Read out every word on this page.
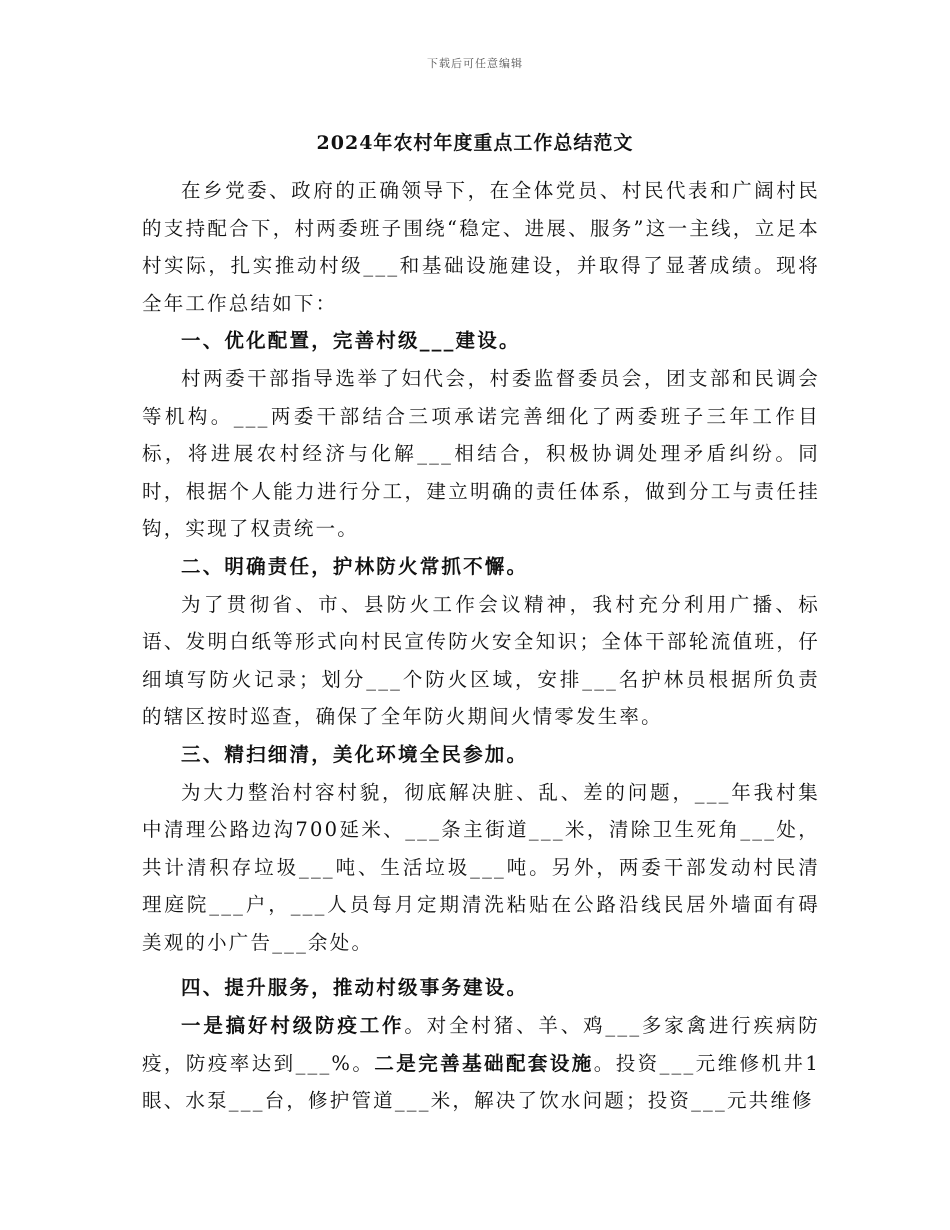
下载后可任意编辑
2024年农村年度重点工作总结范文

在乡党委、政府的正确领导下，在全体党员、村民代表和广阔村民的支持配合下，村两委班子围绕“稳定、进展、服务”这一主线，立足本村实际，扎实推动村级___和基础设施建设，并取得了显著成绩。现将全年工作总结如下：

一、优化配置，完善村级___建设。

村两委干部指导选举了妇代会，村委监督委员会，团支部和民调会等机构。___两委干部结合三项承诺完善细化了两委班子三年工作目标，将进展农村经济与化解___相结合，积极协调处理矛盾纠纷。同时，根据个人能力进行分工，建立明确的责任体系，做到分工与责任挂钩，实现了权责统一。

二、明确责任，护林防火常抓不懈。

为了贯彻省、市、县防火工作会议精神，我村充分利用广播、标语、发明白纸等形式向村民宣传防火安全知识；全体干部轮流值班，仔细填写防火记录；划分___个防火区域，安排___名护林员根据所负责的辖区按时巡查，确保了全年防火期间火情零发生率。

三、精扫细清，美化环境全民参加。

为大力整治村容村貌，彻底解决脏、乱、差的问题，___年我村集中清理公路边沟700延米、___条主街道___米，清除卫生死角___处，共计清积存垃圾___吨、生活垃圾___吨。另外，两委干部发动村民清理庭院___户，___人员每月定期清洗粘贴在公路沿线民居外墙面有碍美观的小广告___余处。

四、提升服务，推动村级事务建设。

一是搞好村级防疫工作。对全村猪、羊、鸡___多家禽进行疾病防疫，防疫率达到___%。二是完善基础配套设施。投资___元维修机井1眼、水泵___台，修护管道___米，解决了饮水问题；投资___元共维修
